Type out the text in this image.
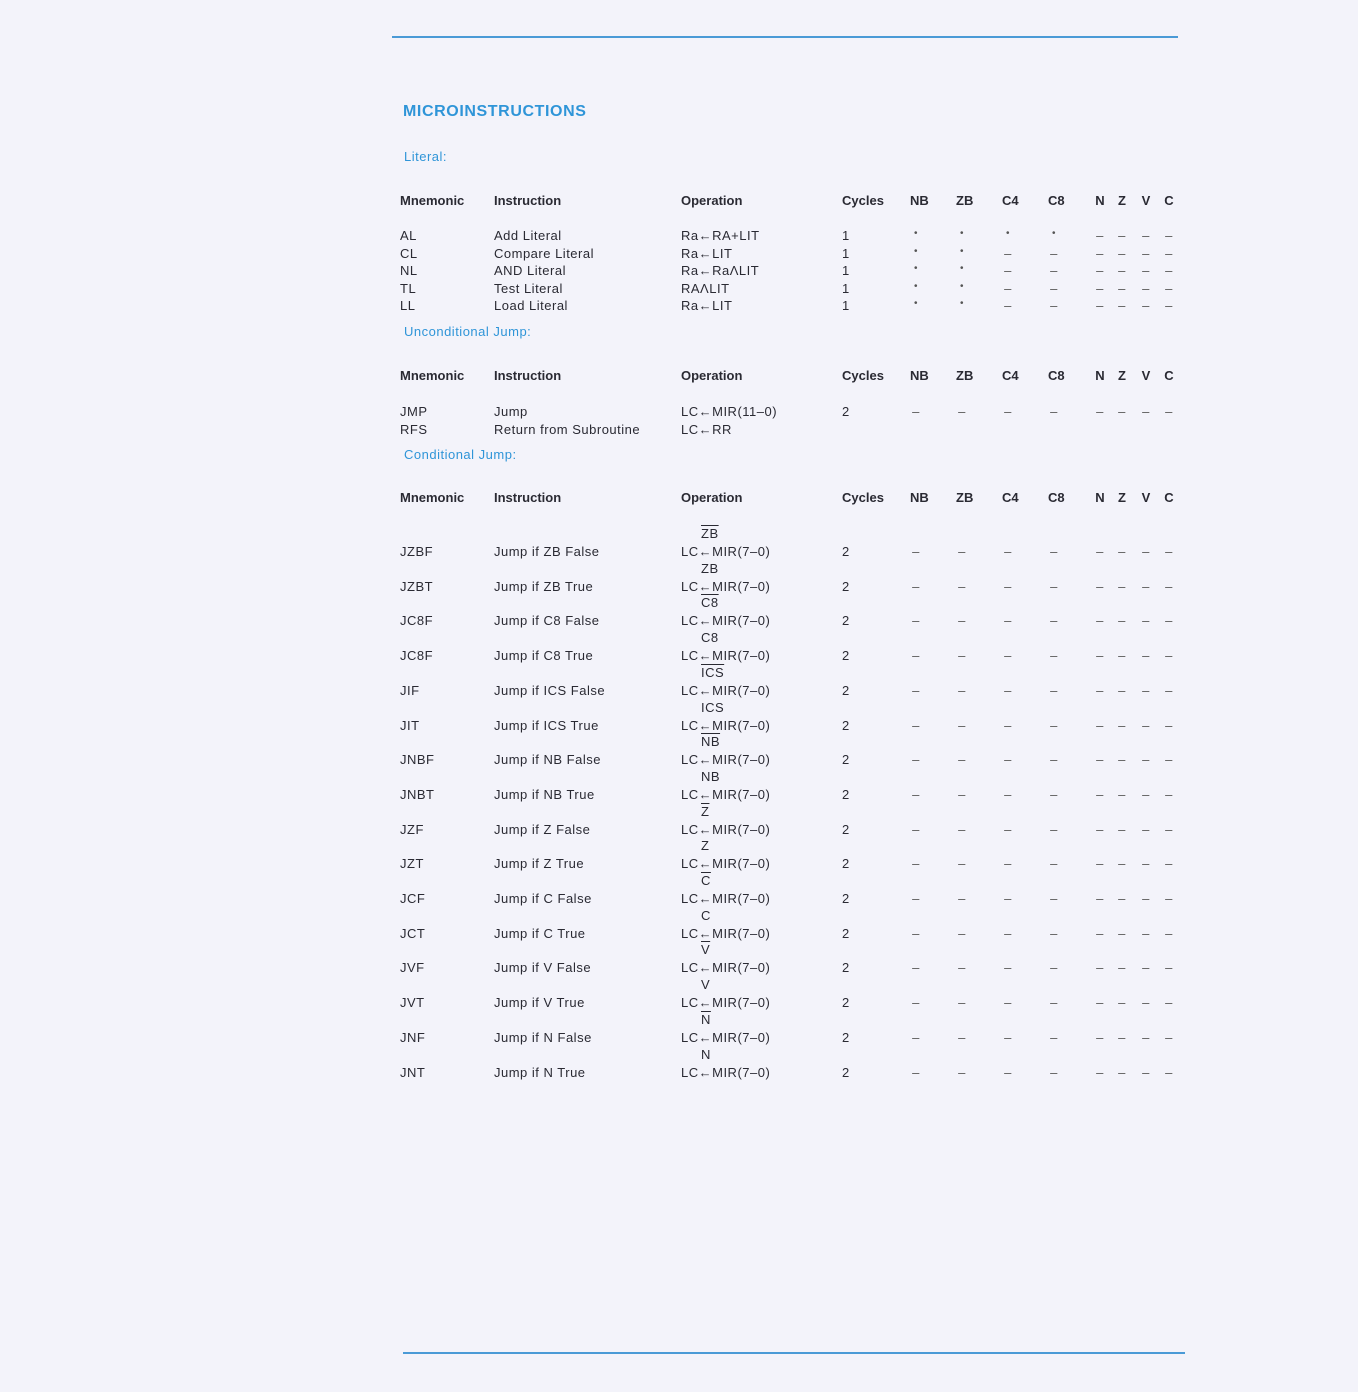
MICROINSTRUCTIONS
Literal:
Mnemonic Instruction	Operation	Cycles NB ZB C4 C8 N Z V C
AL	Add Literal	Ra←RA+LIT	1	•	•	•	•	– – – –
CL	Compare Literal	Ra←LIT	1	•	•	–	–	– – – –
NL	AND Literal	Ra←RaΛLIT	1	•	•	–	–	– – – –
TL	Test Literal	RAΛLIT	1	•	•	–	–	– – – –
LL	Load Literal	Ra←LIT	1	•	•	–	–	– – – –
Unconditional Jump:
Mnemonic Instruction	Operation	Cycles NB ZB C4 C8 N Z V C
JMP	Jump	LC←MIR(11–0)	2	–	–	–	–	– – – –
RFS	Return from Subroutine	LC←RR
Conditional Jump:
Mnemonic Instruction	Operation	Cycles NB ZB C4 C8 N Z V C
JZBF	Jump if ZB False	LC←MIR(7–0)	2	–	–	–	–	– – – –
$\overline{ZB}$
JZBT	Jump if ZB True	LC←MIR(7–0)	2	–	–	–	–	– – – –
ZB
JC8F	Jump if C8 False	LC←MIR(7–0)	2	–	–	–	–	– – – –
C8
JC8F	Jump if C8 True	LC←MIR(7–0)	2	–	–	–	–	– – – –
C8
JIF	Jump if ICS False	LC←MIR(7–0)	2	–	–	–	–	– – – –
$\overline{ICS}$
JIT	Jump if ICS True	LC←MIR(7–0)	2	–	–	–	–	– – – –
ICS
JNBF	Jump if NB False	LC←MIR(7–0)	2	–	–	–	–	– – – –
$\overline{NB}$
JNBT	Jump if NB True	LC←MIR(7–0)	2	–	–	–	–	– – – –
NB
JZF	Jump if Z False	LC←MIR(7–0)	2	–	–	–	–	– – – –
$\overline{Z}$
JZT	Jump if Z True	LC←MIR(7–0)	2	–	–	–	–	– – – –
Z
JCF	Jump if C False	LC←MIR(7–0)	2	–	–	–	–	– – – –
$\overline{C}$
JCT	Jump if C True	LC←MIR(7–0)	2	–	–	–	–	– – – –
C
JVF	Jump if V False	LC←MIR(7–0)	2	–	–	–	–	– – – –
$\overline{V}$
JVT	Jump if V True	LC←MIR(7–0)	2	–	–	–	–	– – – –
V
JNF	Jump if N False	LC←MIR(7–0)	2	–	–	–	–	– – – –
$\overline{N}$
JNT	Jump if N True	LC←MIR(7–0)	2	–	–	–	–	– – – –
N
